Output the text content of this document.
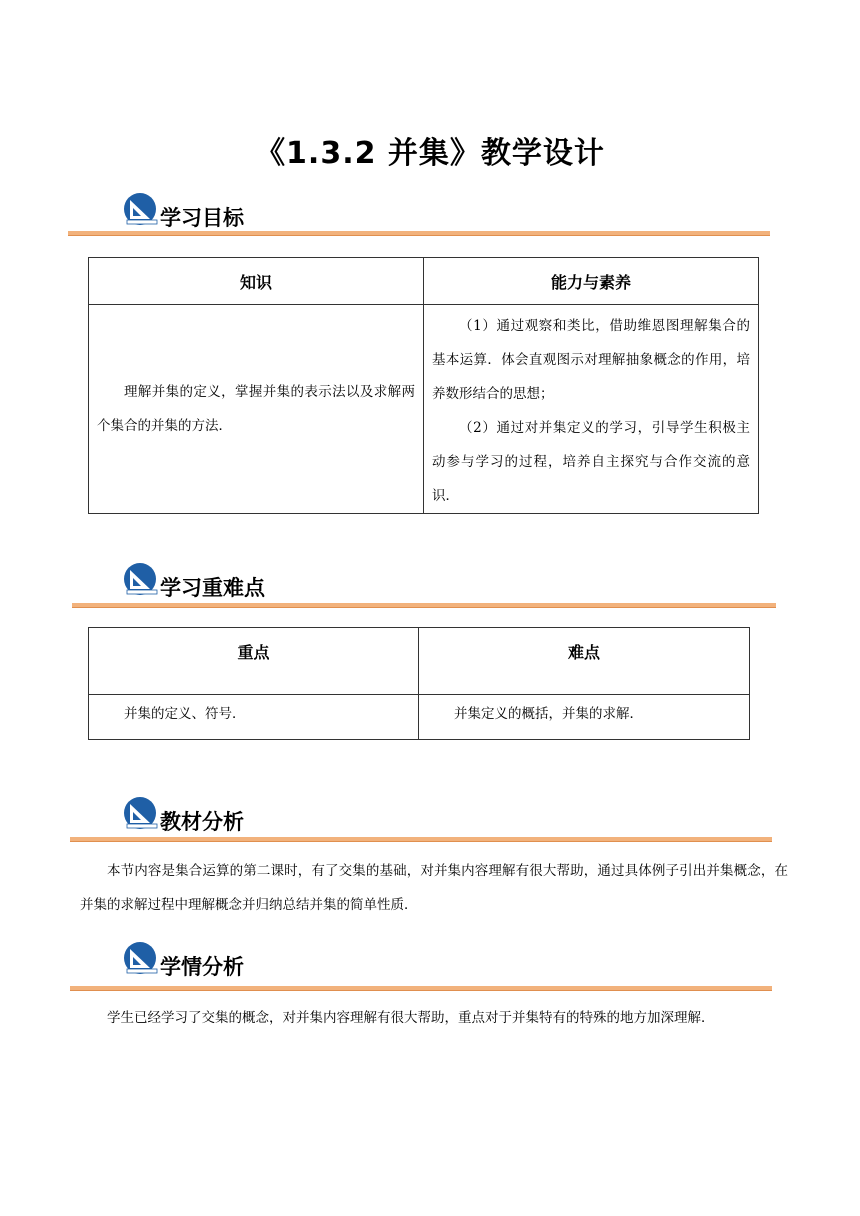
《1.3.2 并集》教学设计
学习目标
知识	能力与素养

理解并集的定义，掌握并集的表示法以及求解两个集合的并集的方法．	（1）通过观察和类比，借助维恩图理解集合的基本运算．体会直观图示对理解抽象概念的作用，培养数形结合的思想；
（2）通过对并集定义的学习，引导学生积极主动参与学习的过程，培养自主探究与合作交流的意识．
学习重难点
重点	难点

并集的定义、符号．	并集定义的概括，并集的求解．
教材分析
本节内容是集合运算的第二课时，有了交集的基础，对并集内容理解有很大帮助，通过具体例子引出并集概念，在并集的求解过程中理解概念并归纳总结并集的简单性质．
学情分析
学生已经学习了交集的概念，对并集内容理解有很大帮助，重点对于并集特有的特殊的地方加深理解．
